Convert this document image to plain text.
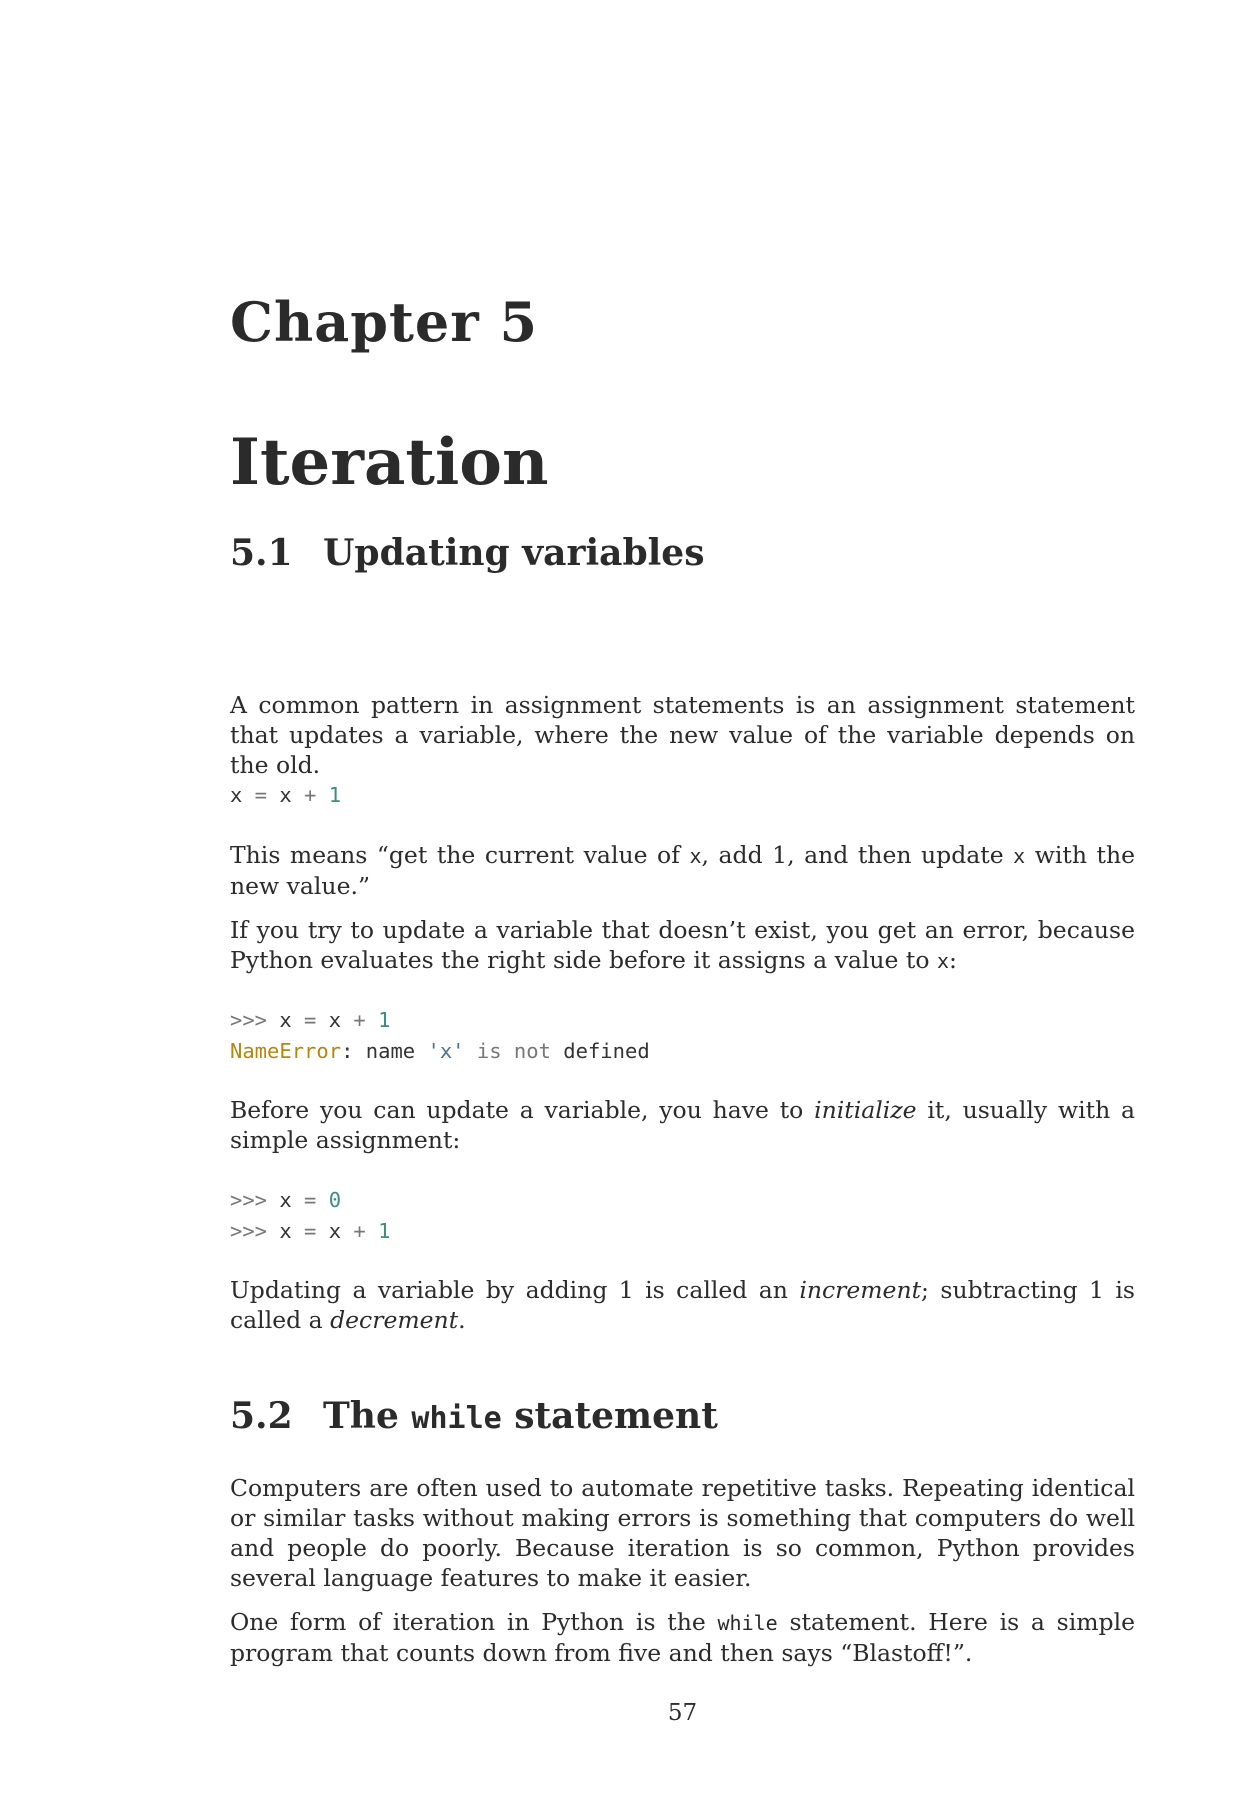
Chapter 5
Iteration
5.1 Updating variables

A common pattern in assignment statements is an assignment statement that updates a variable, where the new value of the variable depends on the old.

x = x + 1

This means “get the current value of x, add 1, and then update x with the new value.”

If you try to update a variable that doesn’t exist, you get an error, because Python evaluates the right side before it assigns a value to x:

>>> x = x + 1
NameError: name 'x' is not defined

Before you can update a variable, you have to initialize it, usually with a simple assignment:

>>> x = 0
>>> x = x + 1

Updating a variable by adding 1 is called an increment; subtracting 1 is called a decrement.

5.2 The while statement

Computers are often used to automate repetitive tasks. Repeating identical or similar tasks without making errors is something that computers do well and people do poorly. Because iteration is so common, Python provides several language features to make it easier.

One form of iteration in Python is the while statement. Here is a simple program that counts down from five and then says “Blastoff!”.

57
